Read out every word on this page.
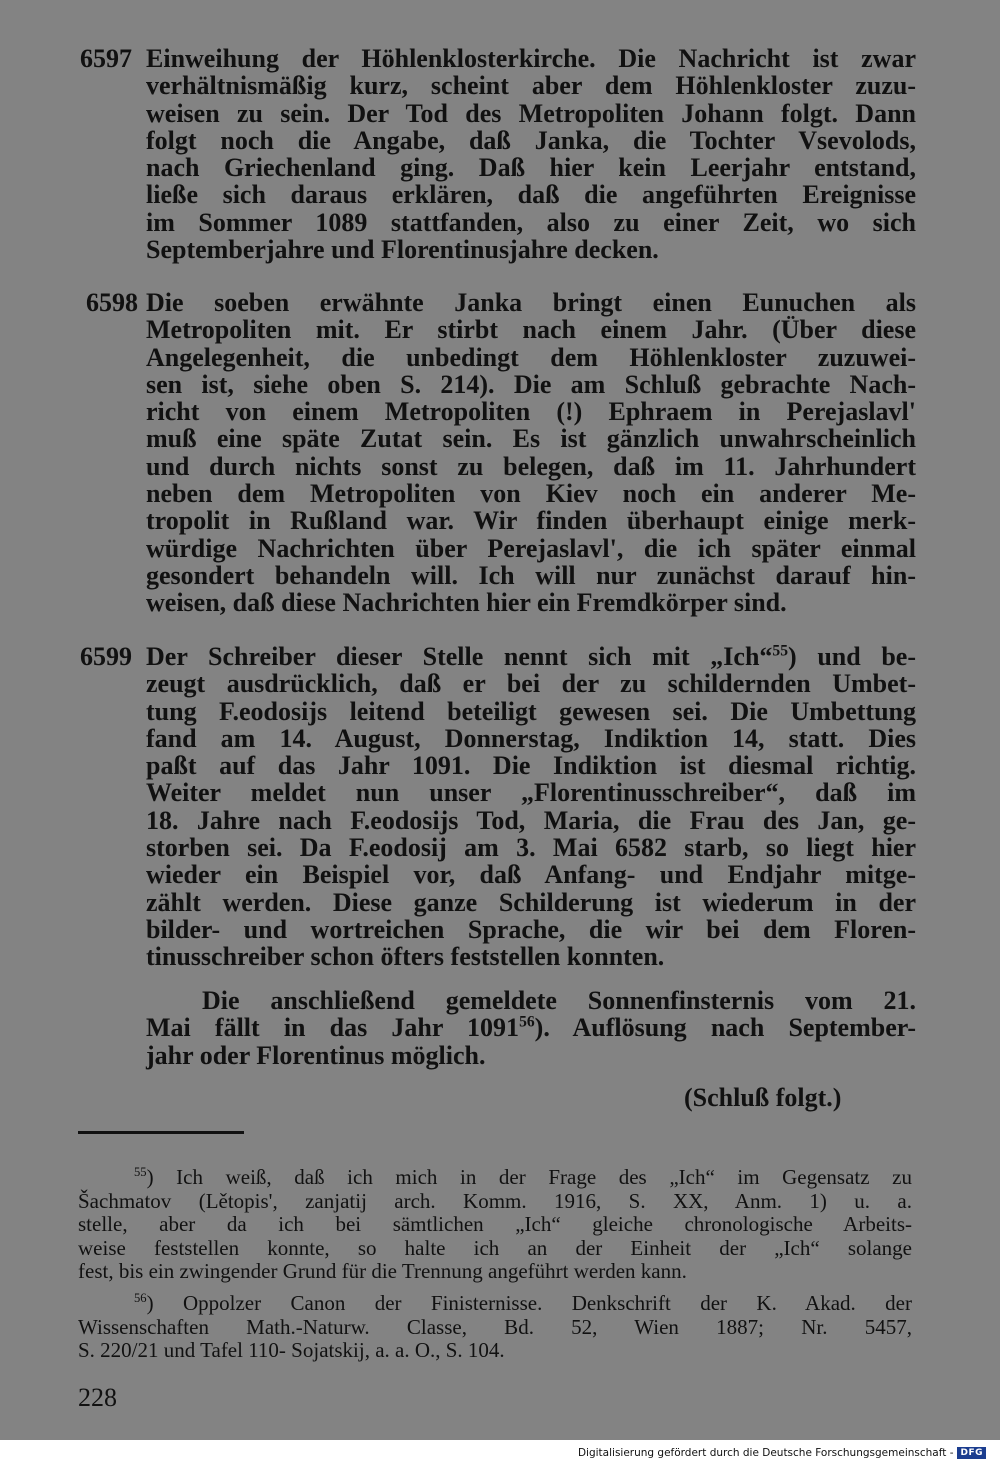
6597 Einweihung der Höhlenklosterkirche. Die Nachricht ist zwar
verhältnismäßig kurz, scheint aber dem Höhlenkloster zuzu-
weisen zu sein. Der Tod des Metropoliten Johann folgt. Dann
folgt noch die Angabe, daß Janka, die Tochter Vsevolods,
nach Griechenland ging. Daß hier kein Leerjahr entstand,
ließe sich daraus erklären, daß die angeführten Ereignisse
im Sommer 1089 stattfanden, also zu einer Zeit, wo sich
Septemberjahre und Florentinusjahre decken.
6598 Die soeben erwähnte Janka bringt einen Eunuchen als
Metropoliten mit. Er stirbt nach einem Jahr. (Über diese
Angelegenheit, die unbedingt dem Höhlenkloster zuzuwei-
sen ist, siehe oben S. 214). Die am Schluß gebrachte Nach-
richt von einem Metropoliten (!) Ephraem in Perejaslavl'
muß eine späte Zutat sein. Es ist gänzlich unwahrscheinlich
und durch nichts sonst zu belegen, daß im 11. Jahrhundert
neben dem Metropoliten von Kiev noch ein anderer Me-
tropolit in Rußland war. Wir finden überhaupt einige merk-
würdige Nachrichten über Perejaslavl', die ich später einmal
gesondert behandeln will. Ich will nur zunächst darauf hin-
weisen, daß diese Nachrichten hier ein Fremdkörper sind.
6599 Der Schreiber dieser Stelle nennt sich mit „Ich“$^{55}$) und be-
zeugt ausdrücklich, daß er bei der zu schildernden Umbet-
tung F.eodosijs leitend beteiligt gewesen sei. Die Umbettung
fand am 14. August, Donnerstag, Indiktion 14, statt. Dies
paßt auf das Jahr 1091. Die Indiktion ist diesmal richtig.
Weiter meldet nun unser „Florentinusschreiber“, daß im
18. Jahre nach F.eodosijs Tod, Maria, die Frau des Jan, ge-
storben sei. Da F.eodosij am 3. Mai 6582 starb, so liegt hier
wieder ein Beispiel vor, daß Anfang- und Endjahr mitge-
zählt werden. Diese ganze Schilderung ist wiederum in der
bilder- und wortreichen Sprache, die wir bei dem Floren-
tinusschreiber schon öfters feststellen konnten.
Die anschließend gemeldete Sonnenfinsternis vom 21.
Mai fällt in das Jahr 1091$^{56}$). Auflösung nach September-
jahr oder Florentinus möglich.
(Schluß folgt.)
$^{55}$) Ich weiß, daß ich mich in der Frage des „Ich“ im Gegensatz zu
Šachmatov (Lětopis', zanjatij arch. Komm. 1916, S. XX, Anm. 1) u. a.
stelle, aber da ich bei sämtlichen „Ich“ gleiche chronologische Arbeits-
weise feststellen konnte, so halte ich an der Einheit der „Ich“ solange
fest, bis ein zwingender Grund für die Trennung angeführt werden kann.
$^{56}$) Oppolzer Canon der Finisternisse. Denkschrift der K. Akad. der
Wissenschaften Math.-Naturw. Classe, Bd. 52, Wien 1887; Nr. 5457,
S. 220/21 und Tafel 110- Sojatskij, a. a. O., S. 104.
228
Digitalisierung gefördert durch die Deutsche Forschungsgemeinschaft - DFG
